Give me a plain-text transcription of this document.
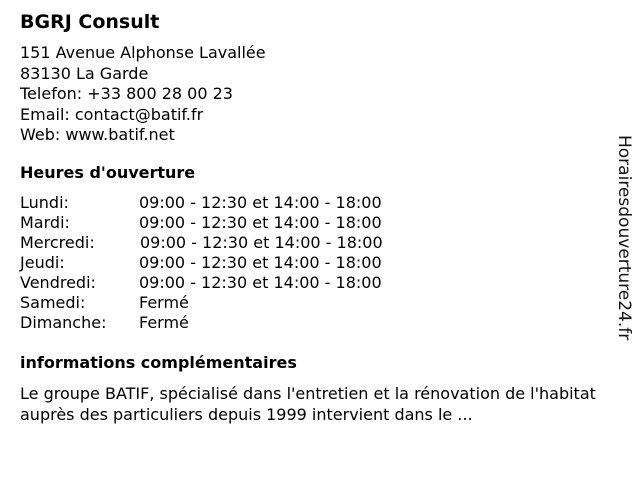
BGRJ Consult
151 Avenue Alphonse Lavallée
83130 La Garde
Telefon: +33 800 28 00 23
Email: contact@batif.fr
Web: www.batif.net
Heures d'ouverture
Lundi:	09:00 - 12:30 et 14:00 - 18:00
Mardi:	09:00 - 12:30 et 14:00 - 18:00
Mercredi:	09:00 - 12:30 et 14:00 - 18:00
Jeudi:	09:00 - 12:30 et 14:00 - 18:00
Vendredi:	09:00 - 12:30 et 14:00 - 18:00
Samedi:	Fermé
Dimanche: Fermé
informations complémentaires

Le groupe BATIF, spécialisé dans l'entretien et la rénovation de l'habitat auprès des particuliers depuis 1999 intervient dans le ...

Horairesdouverture24.fr
